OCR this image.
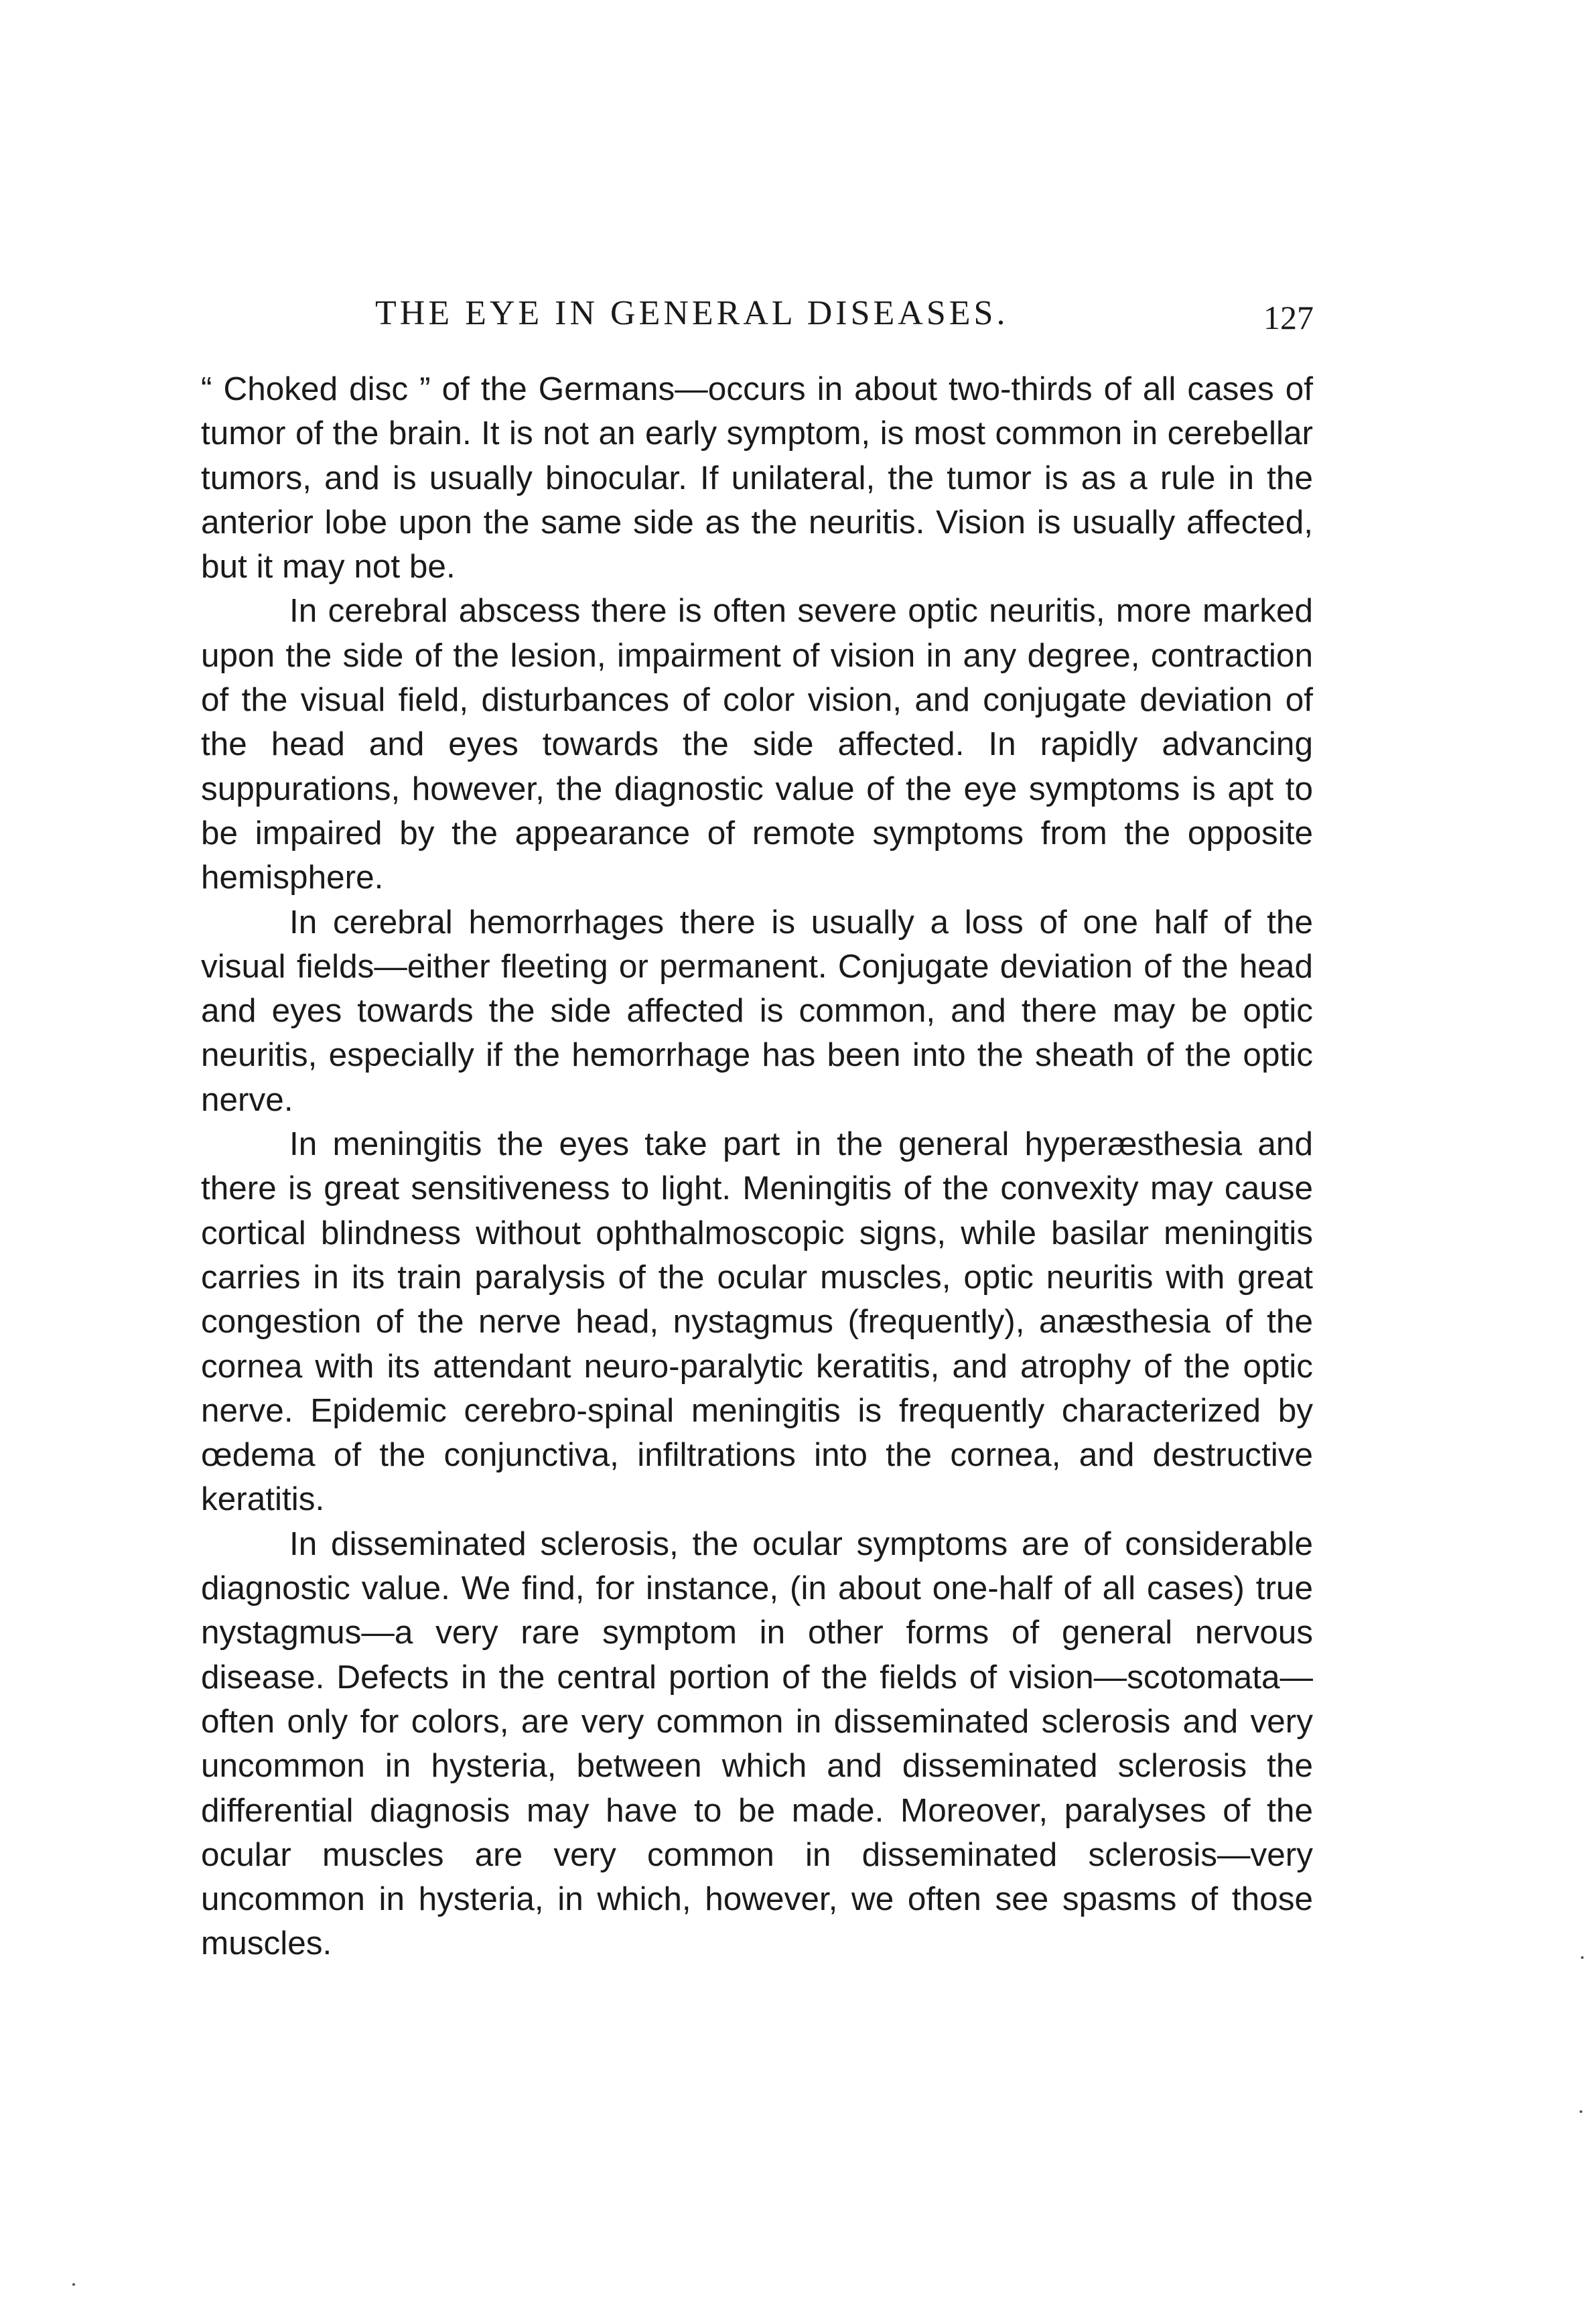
THE EYE IN GENERAL DISEASES.	127

“ Choked disc ” of the Germans—occurs in about two-thirds of all cases of tumor of the brain. It is not an early symptom, is most common in cerebellar tumors, and is usually binocular. If unilateral, the tumor is as a rule in the anterior lobe upon the same side as the neuritis. Vision is usually affected, but it may not be.

In cerebral abscess there is often severe optic neuritis, more marked upon the side of the lesion, impairment of vision in any degree, contraction of the visual field, disturbances of color vision, and conjugate deviation of the head and eyes towards the side affected. In rapidly advancing suppurations, however, the diagnostic value of the eye symptoms is apt to be impaired by the appearance of remote symptoms from the opposite hemisphere.

In cerebral hemorrhages there is usually a loss of one half of the visual fields—either fleeting or permanent. Conjugate deviation of the head and eyes towards the side affected is common, and there may be optic neuritis, especially if the hemorrhage has been into the sheath of the optic nerve.

In meningitis the eyes take part in the general hyperæsthesia and there is great sensitiveness to light. Meningitis of the convexity may cause cortical blindness without ophthalmoscopic signs, while basilar meningitis carries in its train paralysis of the ocular muscles, optic neuritis with great congestion of the nerve head, nystagmus (frequently), anæsthesia of the cornea with its attendant neuro-paralytic keratitis, and atrophy of the optic nerve. Epidemic cerebro-spinal meningitis is frequently characterized by œdema of the conjunctiva, infiltrations into the cornea, and destructive keratitis.

In disseminated sclerosis, the ocular symptoms are of considerable diagnostic value. We find, for instance, (in about one-half of all cases) true nystagmus—a very rare symptom in other forms of general nervous disease. Defects in the central portion of the fields of vision—scotomata—often only for colors, are very common in disseminated sclerosis and very uncommon in hysteria, between which and disseminated sclerosis the differential diagnosis may have to be made. Moreover, paralyses of the ocular muscles are very common in disseminated sclerosis—very uncommon in hysteria, in which, however, we often see spasms of those muscles.
